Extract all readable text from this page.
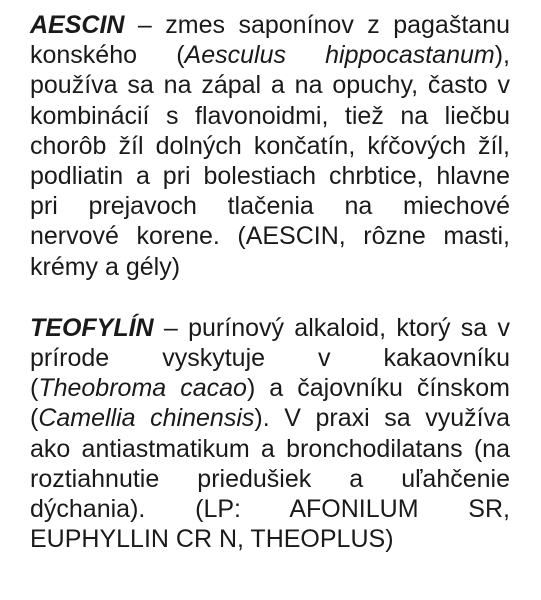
AESCIN – zmes saponínov z pagaštanu konského (Aesculus hippocastanum), používa sa na zápal a na opuchy, často v kombinácií s flavonoidmi, tiež na liečbu chorôb žíl dolných končatín, kŕčových žíl, podliatin a pri bolestiach chrbtice, hlavne pri prejavoch tlačenia na miechové nervové korene. (AESCIN, rôzne masti, krémy a gély)

TEOFYLÍN – purínový alkaloid, ktorý sa v prírode vyskytuje v kakaovníku (Theobroma cacao) a čajovníku čínskom (Camellia chinensis). V praxi sa využíva ako antiastmatikum a bronchodilatans (na roztiahnutie priedušiek a uľahčenie dýchania). (LP: AFONILUM SR, EUPHYLLIN CR N, THEOPLUS)
